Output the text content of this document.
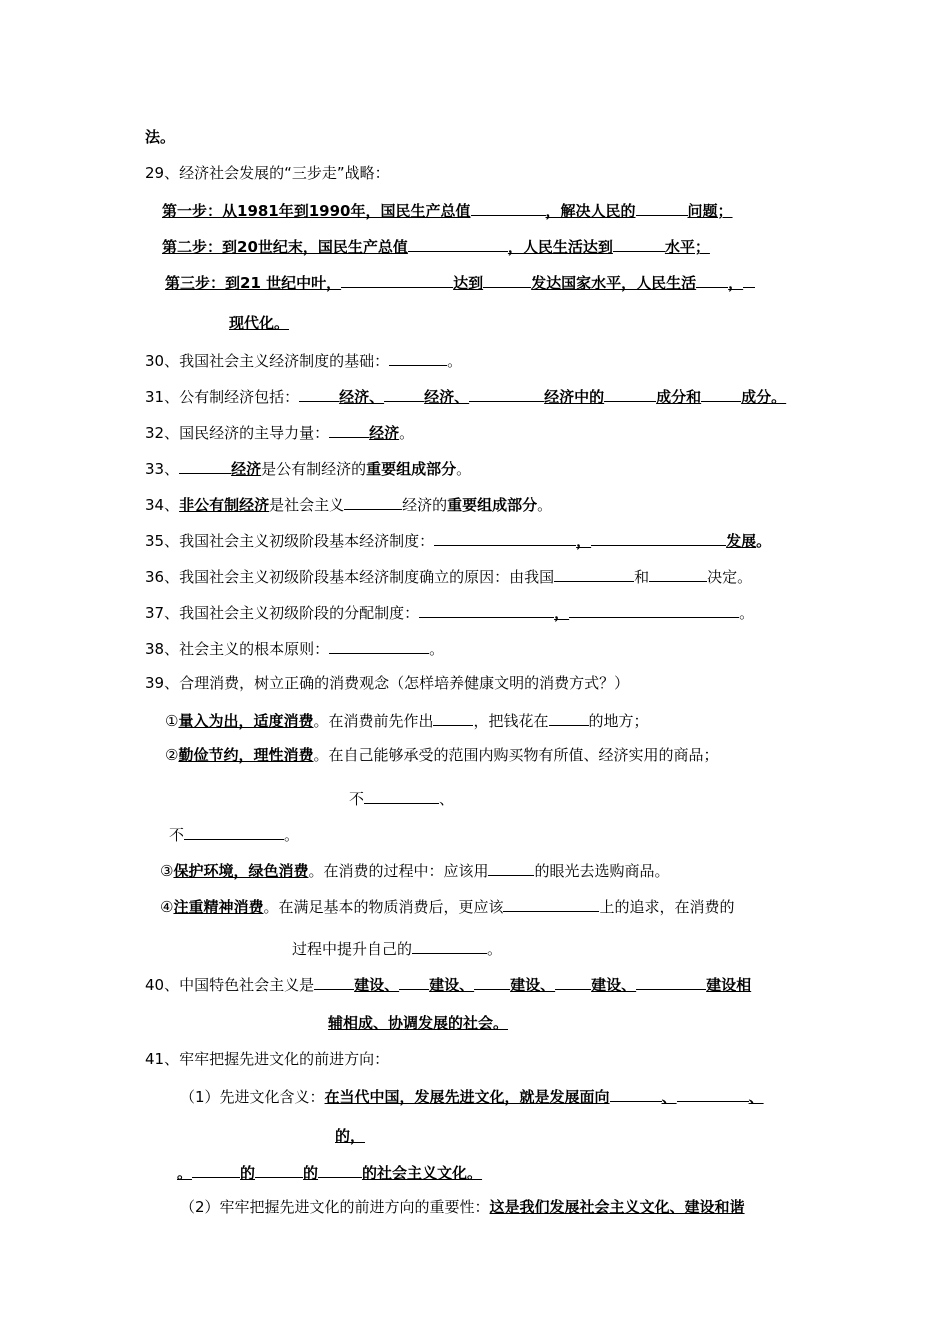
法。
29、经济社会发展的“三步走”战略：
第一步：从1981年到1990年，国民生产总值	，解决人民的	问题；
第二步：到20世纪末，国民生产总值	，人民生活达到	水平；
第三步：到21 世纪中叶，	达到	发达国家水平，人民生活 ，
现代化。
30、我国社会主义经济制度的基础：	。
31、公有制经济包括：	经济、	经济、	经济中的	成分和	成分。
32、国民经济的主导力量：	经济。
33、	经济是公有制经济的重要组成部分。
34、非公有制经济是社会主义	经济的重要组成部分。
35、我国社会主义初级阶段基本经济制度：	，	发展。
36、我国社会主义初级阶段基本经济制度确立的原因：由我国	和	决定。
37、我国社会主义初级阶段的分配制度：	，	。
38、社会主义的根本原则：	。
39、合理消费，树立正确的消费观念（怎样培养健康文明的消费方式？）
①量入为出，适度消费。在消费前先作出	，把钱花在	的地方；
②勤俭节约，理性消费。在自己能够承受的范围内购买物有所值、经济实用的商品；
不	、
不	。
③保护环境，绿色消费。在消费的过程中：应该用	的眼光去选购商品。
④注重精神消费。在满足基本的物质消费后，更应该	上的追求，在消费的
过程中提升自己的	。
40、中国特色社会主义是	建设、 建设、 建设、 建设、	建设相
辅相成、协调发展的社会。
41、牢牢把握先进文化的前进方向：
（1）先进文化含义：在当代中国，发展先进文化，就是发展面向	、	、
的，
。	的	的	的社会主义文化。
（2）牢牢把握先进文化的前进方向的重要性：这是我们发展社会主义文化、建设和谐
